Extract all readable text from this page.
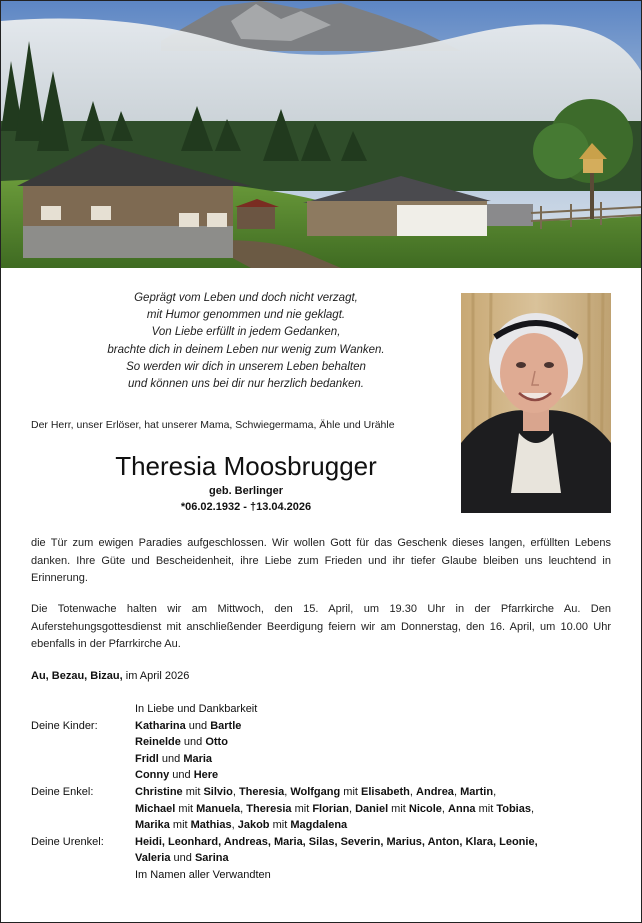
Geprägt vom Leben und doch nicht verzagt,
mit Humor genommen und nie geklagt.
Von Liebe erfüllt in jedem Gedanken,
brachte dich in deinem Leben nur wenig zum Wanken.
So werden wir dich in unserem Leben behalten
und können uns bei dir nur herzlich bedanken.
Der Herr, unser Erlöser, hat unserer Mama, Schwiegermama, Ähle und Urähle
Theresia Moosbrugger
geb. Berlinger
*06.02.1932 - †13.04.2026
die Tür zum ewigen Paradies aufgeschlossen. Wir wollen Gott für das Geschenk dieses langen, erfüllten Lebens danken. Ihre Güte und Bescheidenheit, ihre Liebe zum Frieden und ihr tiefer Glaube bleiben uns leuchtend in Erinnerung.
Die Totenwache halten wir am Mittwoch, den 15. April, um 19.30 Uhr in der Pfarrkirche Au. Den Auferstehungsgottesdienst mit anschließender Beerdigung feiern wir am Donnerstag, den 16. April, um 10.00 Uhr ebenfalls in der Pfarrkirche Au.
Au, Bezau, Bizau, im April 2026
In Liebe und Dankbarkeit
Deine Kinder:	Katharina und Bartle
Reinelde und Otto
Fridl und Maria
Conny und Here
Deine Enkel:	Christine mit Silvio, Theresia, Wolfgang mit Elisabeth, Andrea, Martin,
Michael mit Manuela, Theresia mit Florian, Daniel mit Nicole, Anna mit Tobias,
Marika mit Mathias, Jakob mit Magdalena
Deine Urenkel:	Heidi, Leonhard, Andreas, Maria, Silas, Severin, Marius, Anton, Klara, Leonie,
Valeria und Sarina
Im Namen aller Verwandten
